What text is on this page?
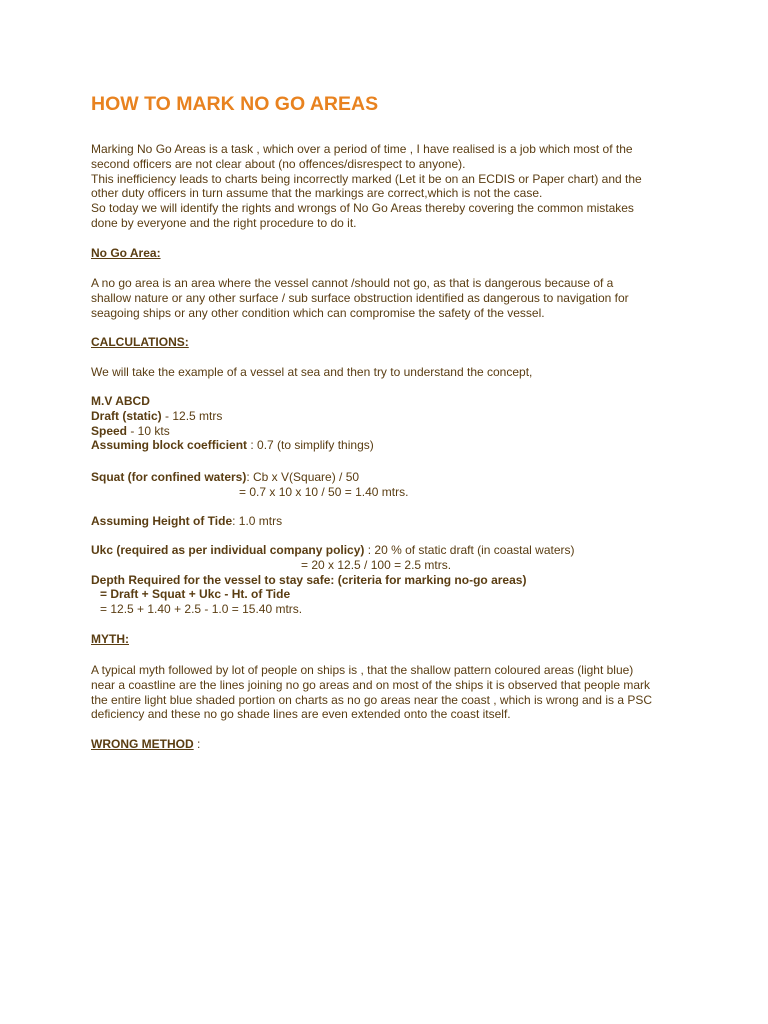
HOW TO MARK NO GO AREAS

Marking No Go Areas is a task , which over a period of time , I have realised is a job which most of the
second officers are not clear about (no offences/disrespect to anyone).
This inefficiency leads to charts being incorrectly marked (Let it be on an ECDIS or Paper chart) and the
other duty officers in turn assume that the markings are correct,which is not the case.
So today we will identify the rights and wrongs of No Go Areas thereby covering the common mistakes
done by everyone and the right procedure to do it.

No Go Area:

A no go area is an area where the vessel cannot /should not go, as that is dangerous because of a
shallow nature or any other surface / sub surface obstruction identified as dangerous to navigation for
seagoing ships or any other condition which can compromise the safety of the vessel.

CALCULATIONS:

We will take the example of a vessel at sea and then try to understand the concept,

M.V ABCD
Draft (static) - 12.5 mtrs
Speed - 10 kts
Assuming block coefficient : 0.7 (to simplify things)

Squat (for confined waters): Cb x V(Square) / 50
= 0.7 x 10 x 10 / 50 = 1.40 mtrs.

Assuming Height of Tide: 1.0 mtrs

Ukc (required as per individual company policy) : 20 % of static draft (in coastal waters)
= 20 x 12.5 / 100 = 2.5 mtrs.
Depth Required for the vessel to stay safe: (criteria for marking no-go areas)
= Draft + Squat + Ukc - Ht. of Tide
= 12.5 + 1.40 + 2.5 - 1.0 = 15.40 mtrs.

MYTH:

A typical myth followed by lot of people on ships is , that the shallow pattern coloured areas (light blue)
near a coastline are the lines joining no go areas and on most of the ships it is observed that people mark
the entire light blue shaded portion on charts as no go areas near the coast , which is wrong and is a PSC
deficiency and these no go shade lines are even extended onto the coast itself.

WRONG METHOD :
